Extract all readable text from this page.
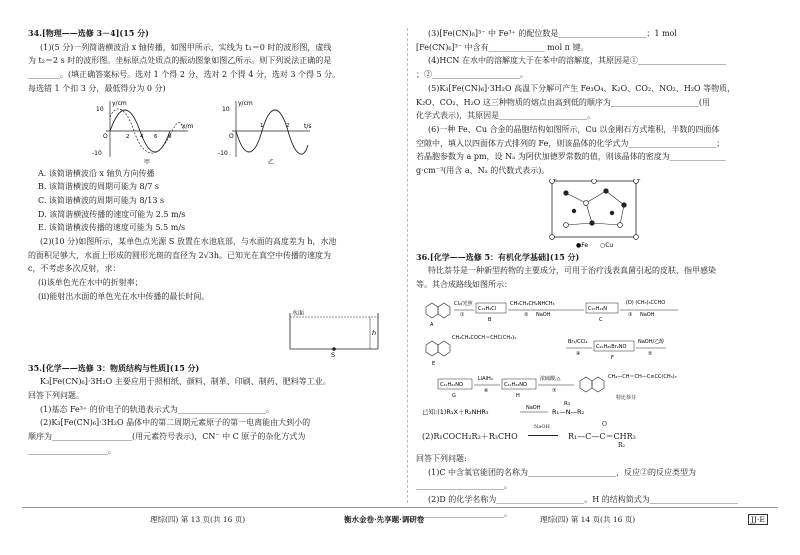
34.[物理——选修 3－4](15 分)

(1)(5 分)一列简谐横波沿 x 轴传播，如图甲所示，实线为 t₁＝0 时的波形图，虚线

为 t₂＝2 s 时的波形图。坐标原点处质点的振动图象如图乙所示。则下列说法正确的是

________。(填正确答案标号。选对 1 个得 2 分，选对 2 个得 4 分，选对 3 个得 5 分。

每选错 1 个扣 3 分，最低得分为 0 分)

y/cm
x/m
10
-10
O	2 4 6 8
甲
y/cm
t/s
10
-10
O
1	2
乙

A. 该简谐横波沿 x 轴负方向传播

B. 该简谐横波的周期可能为 8/7 s

C. 该简谐横波的周期可能为 8/13 s

D. 该简谐横波传播的速度可能为 2.5 m/s

E. 该简谐横波传播的速度可能为 5.5 m/s

(2)(10 分)如图所示，某单色点光源 S 放置在水池底部，与水面的高度差为 h，水池

的面积足够大，水面上形成的圆形光斑的直径为 2√3h。已知光在真空中传播的速度为

c，不考虑多次反射，求：

(ⅰ)该单色光在水中的折射率；

(ⅱ)能射出水面的单色光在水中传播的最长时间。

水面
h
S

35.[化学——选修 3：物质结构与性质](15 分)

K₃[Fe(CN)₆]·3H₂O 主要应用于照相纸、颜料、制革、印刷、制药、肥料等工业。

回答下列问题。

(1)基态 Fe³⁺ 的价电子的轨道表示式为______________________。

(2)K₃[Fe(CN)₆]·3H₂O 晶体中的第二周期元素原子的第一电离能由大到小的

顺序为____________________(用元素符号表示)，CN⁻ 中 C 原子的杂化方式为

____________________。

(3)[Fe(CN)₆]³⁻ 中 Fe³⁺ 的配位数是______________________；1 mol

[Fe(CN)₆]³⁻ 中含有______________ mol π 键。

(4)HCN 在水中的溶解度大于在苯中的溶解度，其原因是①______________________

；②______________________。

(5)K₃[Fe(CN)₆]·3H₂O 高温下分解可产生 Fe₃O₄、K₂O、CO₂、NO₂、H₂O 等物质，

K₂O、CO₂、H₂O 这三种物质的熔点由高到低的顺序为______________________(用

化学式表示)，其原因是______________________。

(6)一种 Fe、Cu 合金的晶胞结构如图所示，Cu 以金刚石方式堆积，半数的四面体

空隙中，填入以四面体方式排列的 Fe，则该晶体的化学式为______________________；

若晶胞参数为 a pm，设 Nₐ 为阿伏加德罗常数的值，则该晶体的密度为______________

g·cm⁻³(用含 a、Nₐ 的代数式表示)。

●Fe ○Cu

36.[化学——选修 5：有机化学基础](15 分)

特比萘芬是一种新型药物的主要成分，可用于治疗浅表真菌引起的皮肤、指甲感染

等。其合成路线如图所示：

A
Cl₂/光照
①
C₁₁H₉Cl
B
CH₃CH₂CH₂NHCH₃
NaOH
②
C₁₅H₁₉N
C
(D) (CH₃)₃CCHO
NaOH
③
CH₂CH₂COCH＝CHC(CH₃)₃
E
Br₂/CCl₄
④
C₂₁H₂₅Br₂NO
F
NaOH/乙醇
⑤
C₂₁H₂₁NO
G
LiAlH₄
⑥
C₂₁H₂₃NO
H
浓硫酸,△
⑦
CH₂—CH＝CH—C≡CC(CH₃)₃
特比萘芬
已知:(1)R₁X＋R₂NHR₃	NaOH R₁—N—R₂
R₃
(2)R₁COCH₂R₂＋R₃CHO
NaOH
R₁—C—C＝CHR₃
O
R₂

回答下列问题:

(1)C 中含氧官能团的名称为______________________，反应②的反应类型为

______________________。

(2)D 的化学名称为______________________。H 的结构简式为______________________

______________________。

理综(四) 第 13 页(共 16 页)	衡水金卷·先享题·调研卷	理综(四) 第 14 页(共 16 页)	JJ·E
